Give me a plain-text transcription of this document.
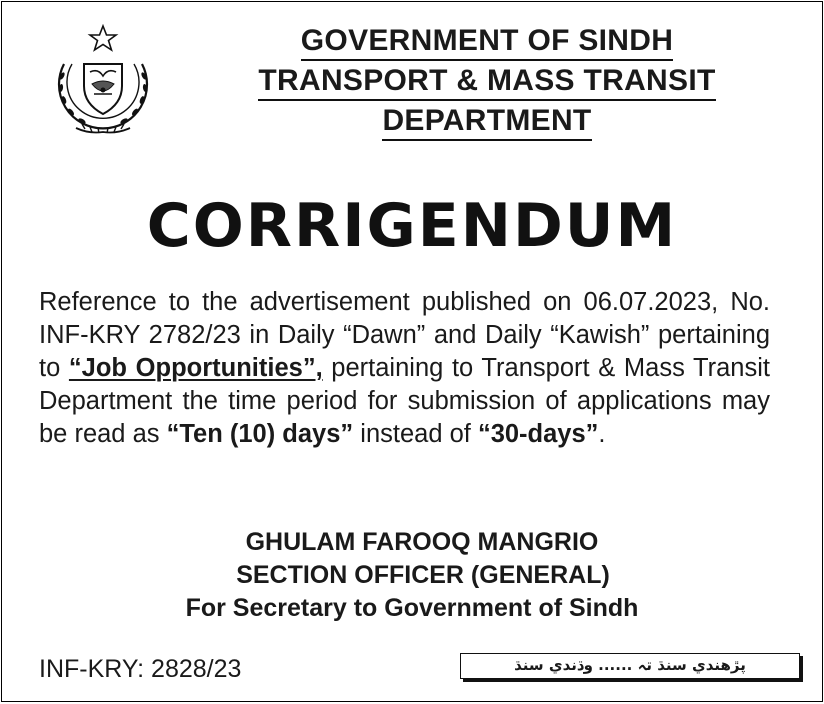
GOVERNMENT OF SINDH
TRANSPORT & MASS TRANSIT
DEPARTMENT
CORRIGENDUM
Reference to the advertisement published on 06.07.2023, No. INF-KRY 2782/23 in Daily “Dawn” and Daily “Kawish” pertaining to “Job Opportunities”, pertaining to Transport & Mass Transit Department the time period for submission of applications may be read as “Ten (10) days” instead of “30-days”.
GHULAM FAROOQ MANGRIO
SECTION OFFICER (GENERAL)
For Secretary to Government of Sindh
INF-KRY: 2828/23	پڙهندي سنڌ تہ ...... وڌندي سنڌ
